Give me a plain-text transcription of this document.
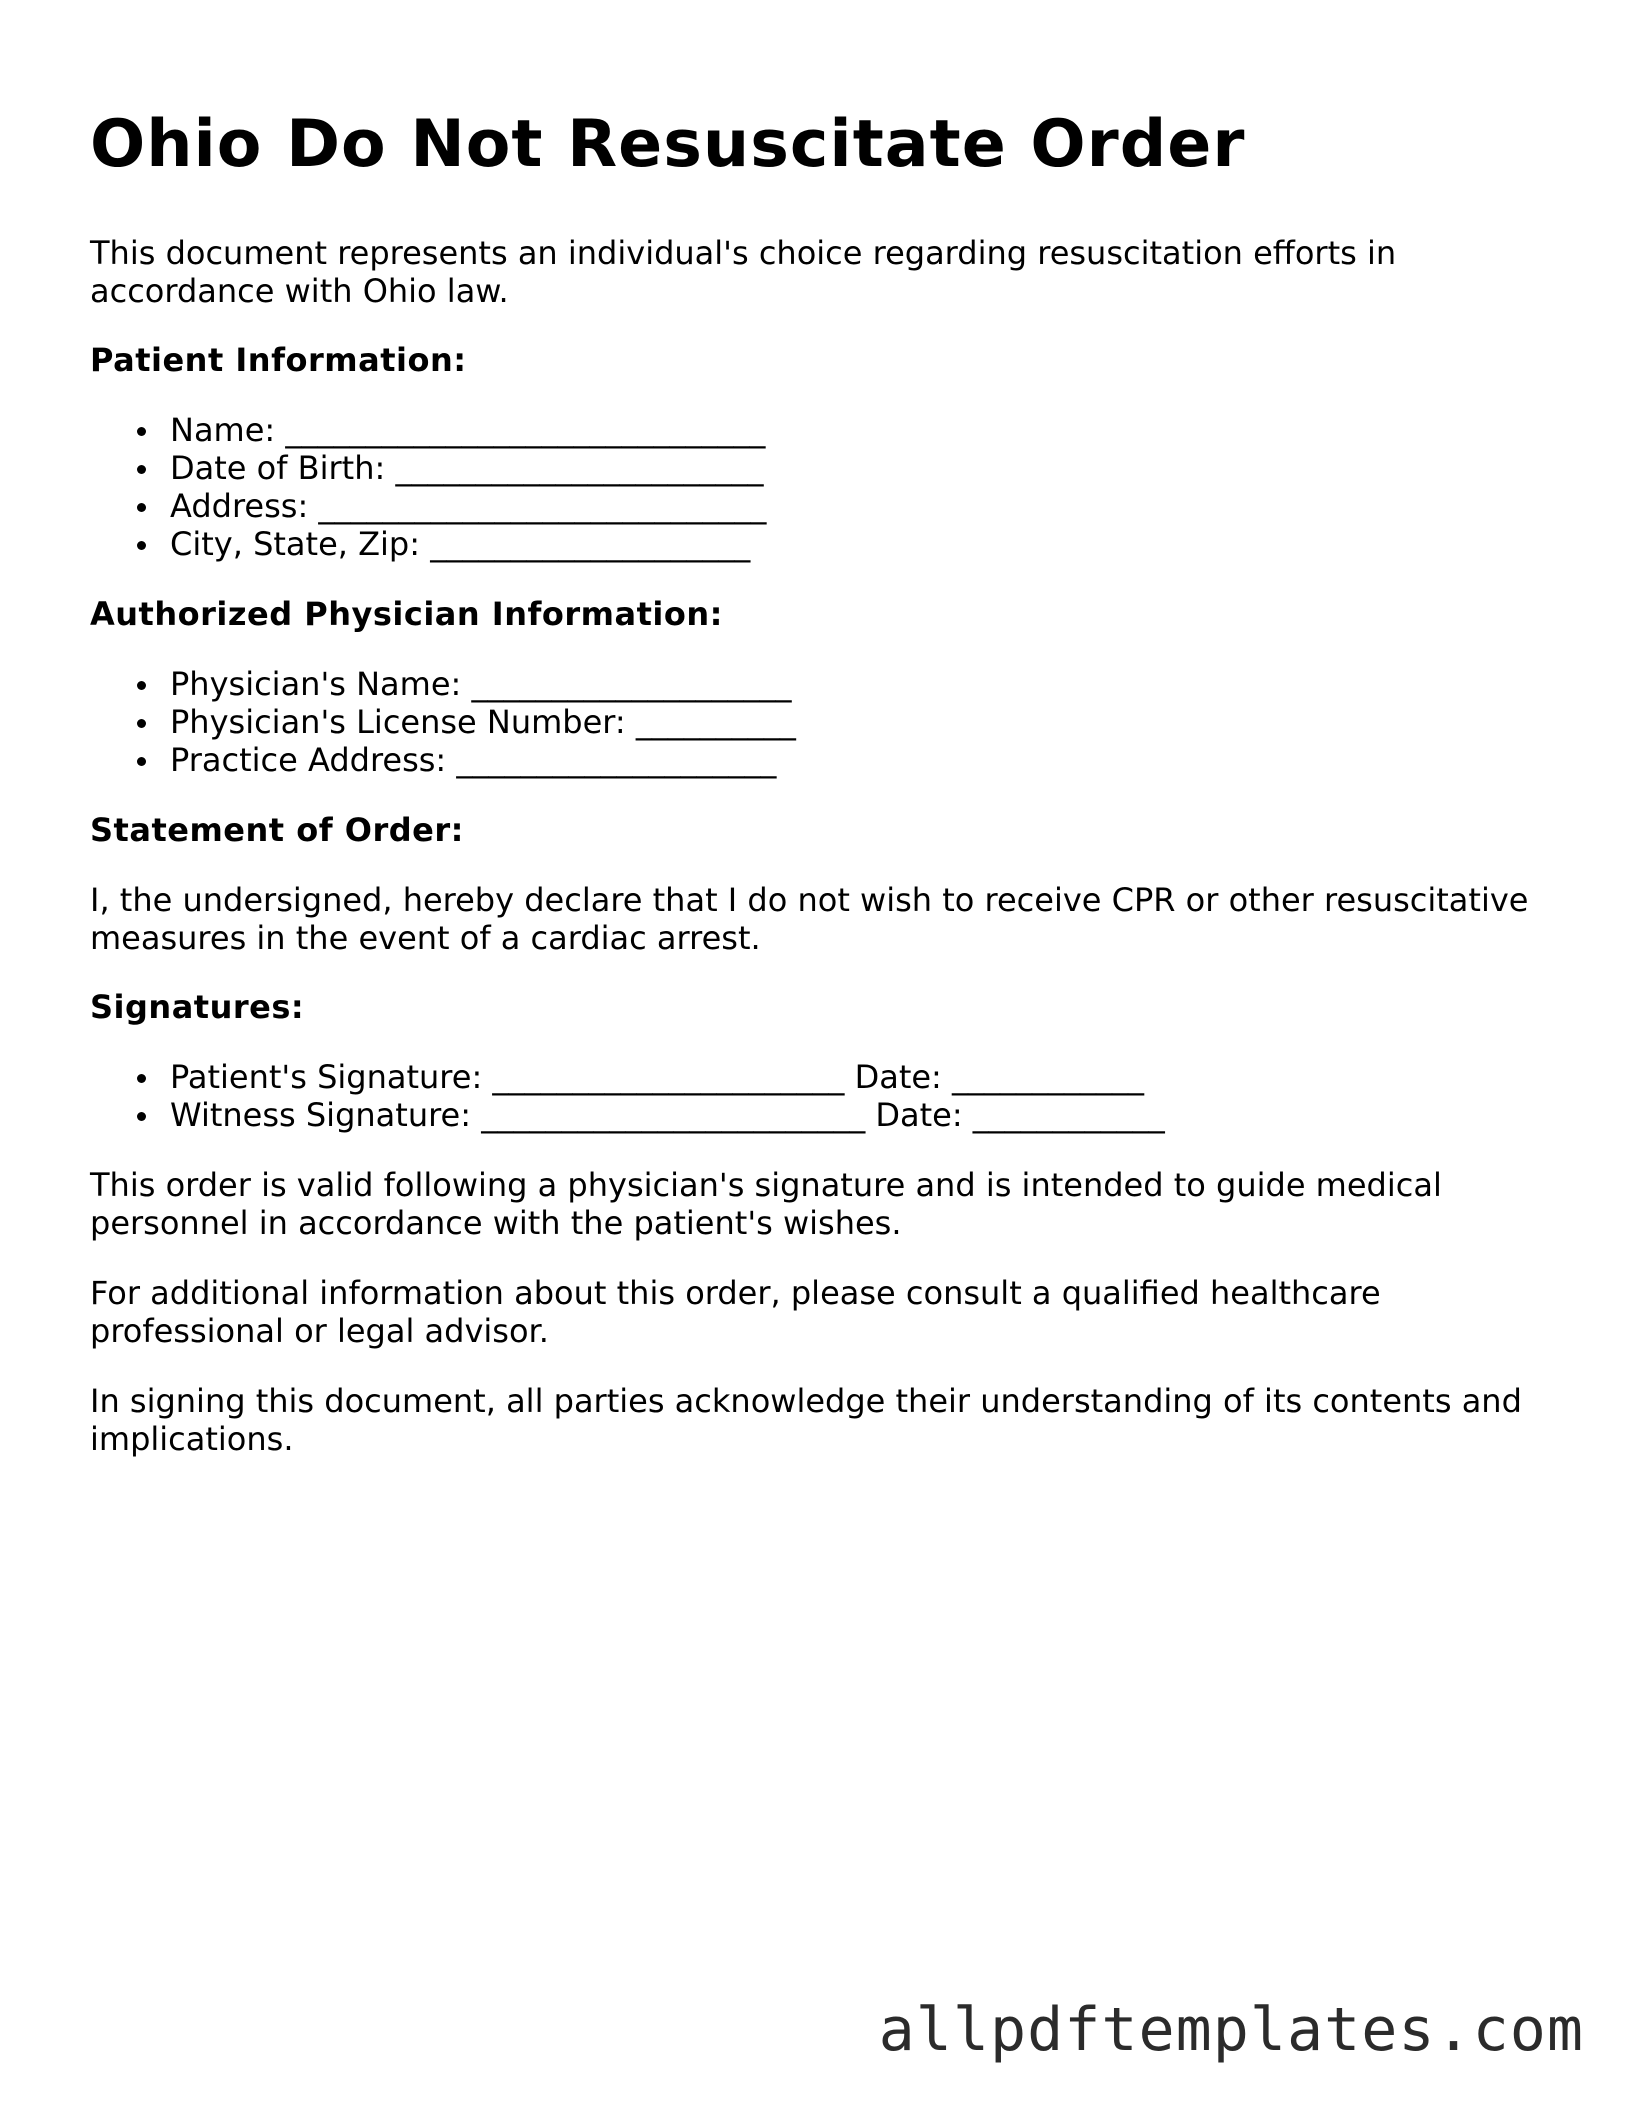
Ohio Do Not Resuscitate Order

This document represents an individual's choice regarding resuscitation efforts in accordance with Ohio law.

Patient Information:

Name: ______________________________
Date of Birth: _______________________
Address: ____________________________
City, State, Zip: ____________________

Authorized Physician Information:

Physician's Name: ____________________
Physician's License Number: __________
Practice Address: ____________________

Statement of Order:

I, the undersigned, hereby declare that I do not wish to receive CPR or other resuscitative measures in the event of a cardiac arrest.

Signatures:

Patient's Signature: ______________________ Date: ____________
Witness Signature: ________________________ Date: ____________

This order is valid following a physician's signature and is intended to guide medical personnel in accordance with the patient's wishes.

For additional information about this order, please consult a qualified healthcare professional or legal advisor.

In signing this document, all parties acknowledge their understanding of its contents and implications.

allpdftemplates.com
